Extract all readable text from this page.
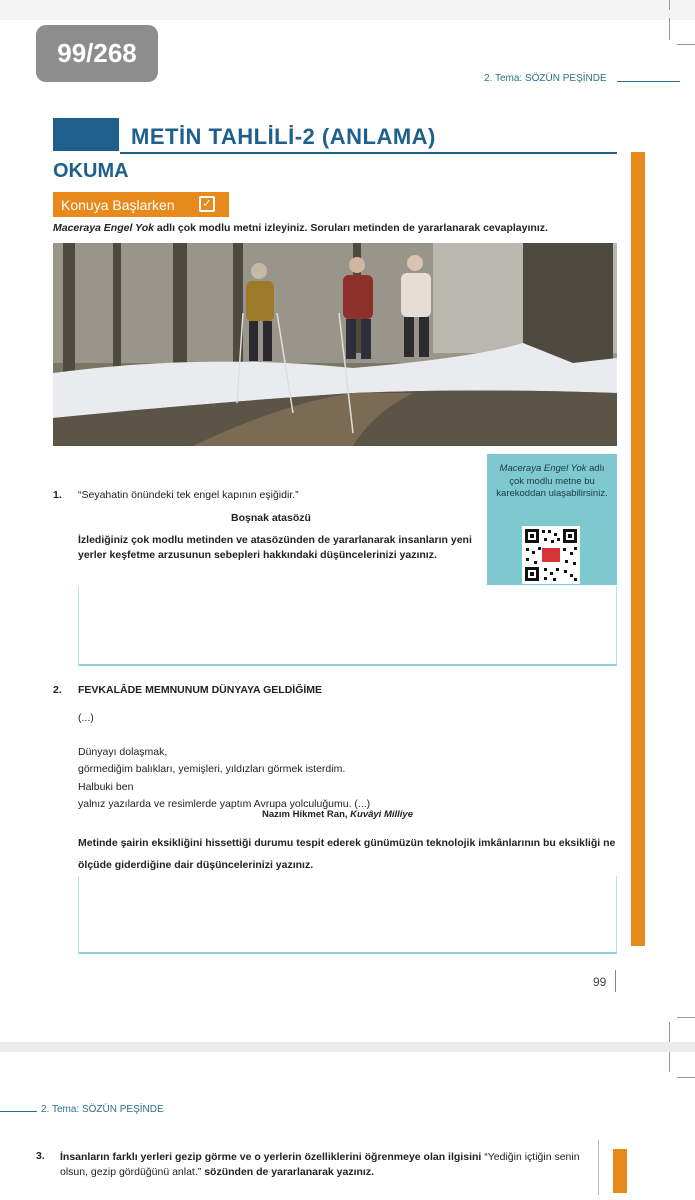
99/268
2. Tema: SÖZÜN PEŞİNDE
METİN TAHLİLİ-2 (ANLAMA)
OKUMA
Konuya Başlarken	✓
Maceraya Engel Yok adlı çok modlu metni izleyiniz. Soruları metinden de yararlanarak cevaplayınız.
1. “Seyahatin önündeki tek engel kapının eşiğidir.”
Boşnak atasözü
İzlediğiniz çok modlu metinden ve atasözünden de yararlanarak insanların yeni yerler keşfetme arzusunun sebepleri hakkındaki düşüncelerinizi yazınız.
Maceraya Engel Yok adlı çok modlu metne bu karekoddan ulaşabilirsiniz.
2. FEVKALÂDE MEMNUNUM DÜNYAYA GELDİĞİME
(...)
Dünyayı dolaşmak,
görmediğim balıkları, yemişleri, yıldızları görmek isterdim.
Halbuki ben
yalnız yazılarda ve resimlerde yaptım Avrupa yolculuğumu. (...)
Nazım Hikmet Ran, Kuvâyi Milliye
Metinde şairin eksikliğini hissettiği durumu tespit ederek günümüzün teknolojik imkânlarının bu eksikliği ne ölçüde giderdiğine dair düşüncelerinizi yazınız.
99
2. Tema: SÖZÜN PEŞİNDE
3. İnsanların farklı yerleri gezip görme ve o yerlerin özelliklerini öğrenmeye olan ilgisini “Yediğin içtiğin senin olsun, gezip gördüğünü anlat.” sözünden de yararlanarak yazınız.
